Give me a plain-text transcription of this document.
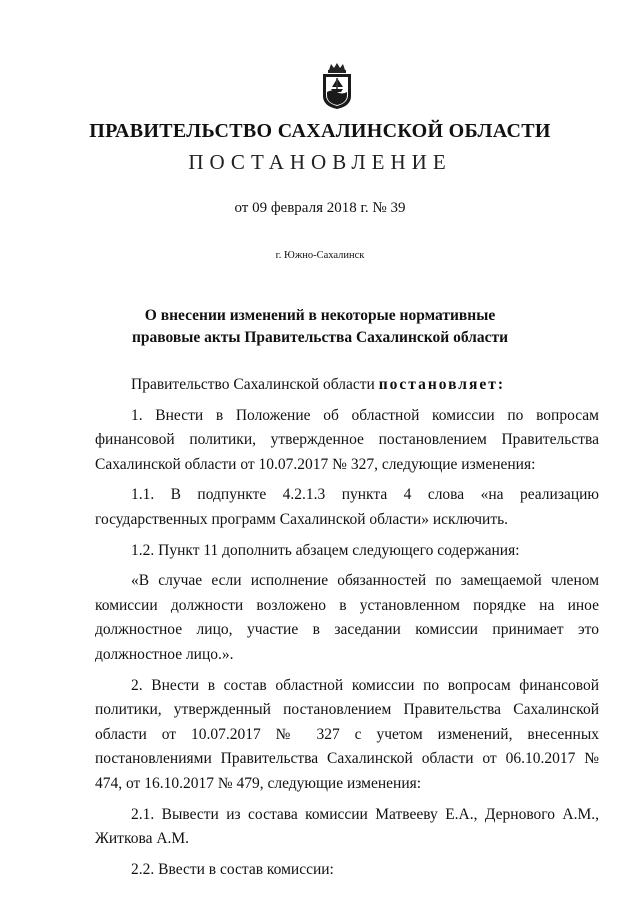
ПРАВИТЕЛЬСТВО САХАЛИНСКОЙ ОБЛАСТИ
ПОСТАНОВЛЕНИЕ
от 09 февраля 2018 г. № 39
г. Южно-Сахалинск
О внесении изменений в некоторые нормативные
правовые акты Правительства Сахалинской области

Правительство Сахалинской области постановляет:

1. Внести в Положение об областной комиссии по вопросам финансовой политики, утвержденное постановлением Правительства Сахалинской области от 10.07.2017 № 327, следующие изменения:

1.1. В подпункте 4.2.1.3 пункта 4 слова «на реализацию государственных программ Сахалинской области» исключить.

1.2. Пункт 11 дополнить абзацем следующего содержания:

«В случае если исполнение обязанностей по замещаемой членом комиссии должности возложено в установленном порядке на иное должностное лицо, участие в заседании комиссии принимает это должностное лицо.».

2. Внести в состав областной комиссии по вопросам финансовой политики, утвержденный постановлением Правительства Сахалинской области от 10.07.2017 № 327 с учетом изменений, внесенных постановлениями Правительства Сахалинской области от 06.10.2017 № 474, от 16.10.2017 № 479, следующие изменения:

2.1. Вывести из состава комиссии Матвееву Е.А., Дернового А.М., Житкова А.М.

2.2. Ввести в состав комиссии:
